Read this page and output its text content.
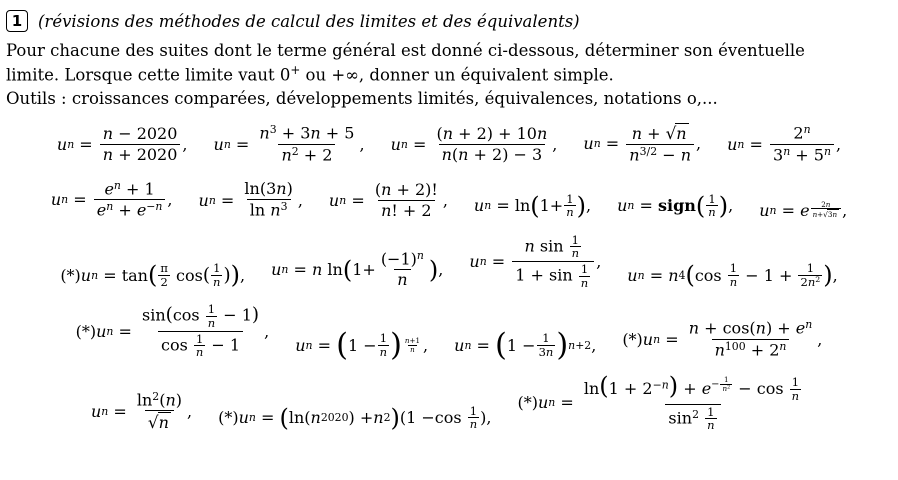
1 (révisions des méthodes de calcul des limites et des équivalents)
Pour chacune des suites dont le terme général est donné ci-dessous, déterminer son éventuelle
limite. Lorsque cette limite vaut 0+ ou +∞, donner un équivalent simple.
Outils : croissances comparées, développements limités, équivalences, notations o,...
u $n = \frac{n - 2020}{n + 2020}$ , u $n = \frac{n^3 + 3n + 5}{n^2 + 2}$ , u $n = \frac{(n + 2) + 10n}{n(n + 2) - 3}$ , u $n = \frac{n + √ n}{n^{3/2} - n}$ , u $n = \frac{2^n}{3^n + 5^n}$ ,
u $n = \frac{e^n + 1}{e^n + e^{-n}}$ , u $n = \frac{\ln(3n)}{\ln n^3}$ , u $n = \frac{(n + 2)!}{n! + 2}$ , u n = ln ( $1+ \frac{1}{n}$ ) , u n = sign ( $\frac{1}{n}$ ) , u n = e $\frac{2n}{n+ √ 3n}$ ,
(*) u n = tan ( $\frac{\pi}{2}$
cos ( $\frac{1}{n}$ ) ) , u n = n
ln ( $1+ \frac{(-1)^n}{n}$ ) , u $n = \frac{n \sin \frac{1}{n}}{1 + \sin \frac{1}{n}}$ ,
u n = n 4 ( cos
$\frac{1}{n} - 1 + \frac{1}{2n^2}$ ) ,
(*) u $n = \frac{\sin(\cos \frac{1}{n} - 1)}{\cos \frac{1}{n} - 1}$ ,
u n = ( $1 - \frac{1}{n}$ ) $\frac{n+1}{n}$ , u n = ( $1 - \frac{1}{3n}$ ) n+2 , (*) u $n = \frac{n + \cos(n) + e^n}{n^{100} + 2^n}$ ,
u $n = \frac{\ln^2(n)}{√ n}$ , (*) u n = ( ln ( n 2020 ) + n 2 ) (1 − cos
$\frac{1}{n}$ ) ,
(*) u $n = \ln(1 + 2^{-n}) + e^{- \frac{1}{n^2}} - \cos \frac{1}{n}$
$\sin^2 \frac{1}{n}$
